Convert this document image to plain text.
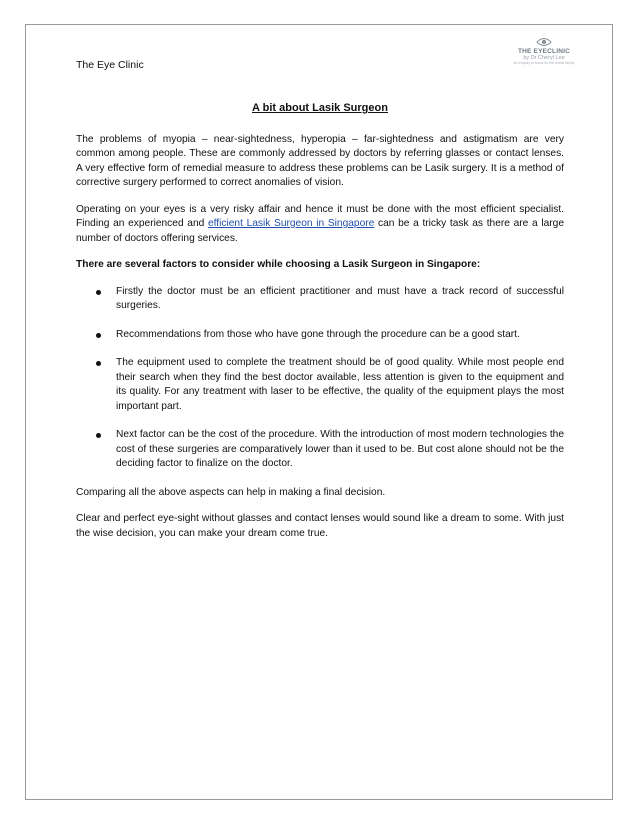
The Eye Clinic
THE EYECLINIC
by Dr Cheryl Lee
An enquiry in focus for the whole family
A bit about Lasik Surgeon

The problems of myopia – near-sightedness, hyperopia – far-sightedness and astigmatism are very common among people. These are commonly addressed by doctors by referring glasses or contact lenses. A very effective form of remedial measure to address these problems can be Lasik surgery. It is a method of corrective surgery performed to correct anomalies of vision.

Operating on your eyes is a very risky affair and hence it must be done with the most efficient specialist. Finding an experienced and efficient Lasik Surgeon in Singapore can be a tricky task as there are a large number of doctors offering services.

There are several factors to consider while choosing a Lasik Surgeon in Singapore:

Firstly the doctor must be an efficient practitioner and must have a track record of successful surgeries.
Recommendations from those who have gone through the procedure can be a good start.
The equipment used to complete the treatment should be of good quality. While most people end their search when they find the best doctor available, less attention is given to the equipment and its quality. For any treatment with laser to be effective, the quality of the equipment plays the most important part.
Next factor can be the cost of the procedure. With the introduction of most modern technologies the cost of these surgeries are comparatively lower than it used to be. But cost alone should not be the deciding factor to finalize on the doctor.

Comparing all the above aspects can help in making a final decision.

Clear and perfect eye-sight without glasses and contact lenses would sound like a dream to some. With just the wise decision, you can make your dream come true.
